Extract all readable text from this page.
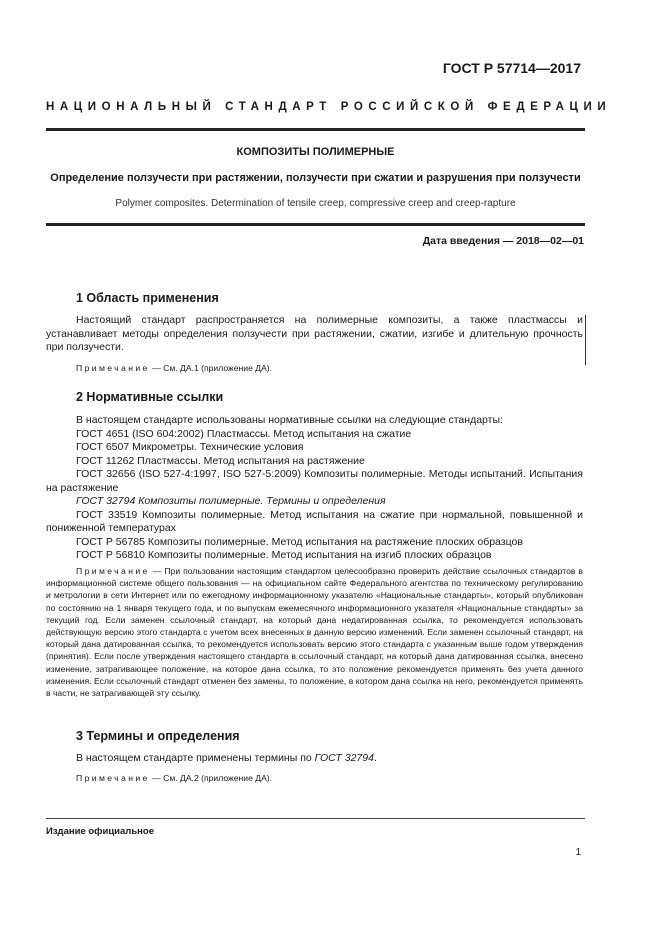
ГОСТ Р 57714—2017
НАЦИОНАЛЬНЫЙ СТАНДАРТ РОССИЙСКОЙ ФЕДЕРАЦИИ
КОМПОЗИТЫ ПОЛИМЕРНЫЕ
Определение ползучести при растяжении, ползучести при сжатии и разрушения при ползучести
Polymer composites. Determination of tensile creep, compressive creep and creep-rapture
Дата введения — 2018—02—01
1 Область применения

Настоящий стандарт распространяется на полимерные композиты, а также пластмассы и устанавливает методы определения ползучести при растяжении, сжатии, изгибе и длительную прочность при ползучести.

Примечание — См. ДА.1 (приложение ДА).

2 Нормативные ссылки

В настоящем стандарте использованы нормативные ссылки на следующие стандарты:

ГОСТ 4651 (ISO 604:2002) Пластмассы. Метод испытания на сжатие

ГОСТ 6507 Микрометры. Технические условия

ГОСТ 11262 Пластмассы. Метод испытания на растяжение

ГОСТ 32656 (ISO 527-4:1997, ISO 527-5:2009) Композиты полимерные. Методы испытаний. Испытания на растяжение

ГОСТ 32794 Композиты полимерные. Термины и определения

ГОСТ 33519 Композиты полимерные. Метод испытания на сжатие при нормальной, повышенной и пониженной температурах

ГОСТ Р 56785 Композиты полимерные. Метод испытания на растяжение плоских образцов

ГОСТ Р 56810 Композиты полимерные. Метод испытания на изгиб плоских образцов

Примечание — При пользовании настоящим стандартом целесообразно проверить действие ссылочных стандартов в информационной системе общего пользования — на официальном сайте Федерального агентства по техническому регулированию и метрологии в сети Интернет или по ежегодному информационному указателю «Национальные стандарты», который опубликован по состоянию на 1 января текущего года, и по выпускам ежемесячного информационного указателя «Национальные стандарты» за текущий год. Если заменен ссылочный стандарт, на который дана недатированная ссылка, то рекомендуется использовать действующую версию этого стандарта с учетом всех внесенных в данную версию изменений. Если заменен ссылочный стандарт, на который дана датированная ссылка, то рекомендуется использовать версию этого стандарта с указанным выше годом утверждения (принятия). Если после утверждения настоящего стандарта в ссылочный стандарт, на который дана датированная ссылка, внесено изменение, затрагивающее положение, на которое дана ссылка, то это положение рекомендуется применять без учета данного изменения. Если ссылочный стандарт отменен без замены, то положение, в котором дана ссылка на него, рекомендуется применять в части, не затрагивающей эту ссылку.

3 Термины и определения

В настоящем стандарте применены термины по ГОСТ 32794.

Примечание — См. ДА.2 (приложение ДА).

Издание официальное
1
